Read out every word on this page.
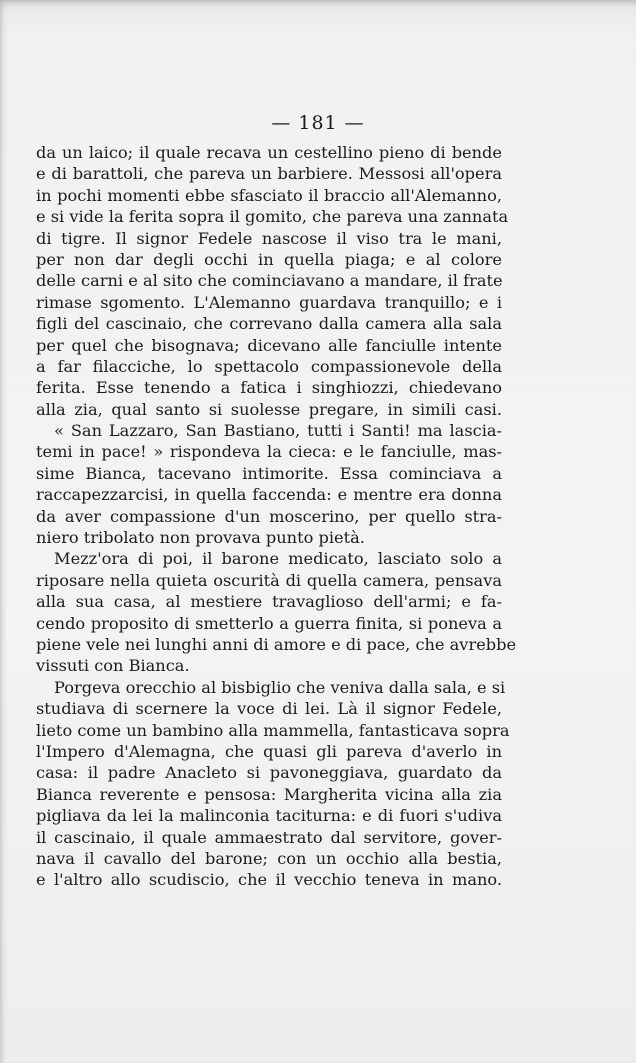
— 181 —
da un laico; il quale recava un cestellino pieno di bende
e di barattoli, che pareva un barbiere. Messosi all'opera
in pochi momenti ebbe sfasciato il braccio all'Alemanno,
e si vide la ferita sopra il gomito, che pareva una zannata
di tigre. Il signor Fedele nascose il viso tra le mani,
per non dar degli occhi in quella piaga; e al colore
delle carni e al sito che cominciavano a mandare, il frate
rimase sgomento. L'Alemanno guardava tranquillo; e i
figli del cascinaio, che correvano dalla camera alla sala
per quel che bisognava; dicevano alle fanciulle intente
a far filacciche, lo spettacolo compassionevole della
ferita. Esse tenendo a fatica i singhiozzi, chiedevano
alla zia, qual santo si suolesse pregare, in simili casi.
« San Lazzaro, San Bastiano, tutti i Santi! ma lascia-
temi in pace! » rispondeva la cieca: e le fanciulle, mas-
sime Bianca, tacevano intimorite. Essa cominciava a
raccapezzarcisi, in quella faccenda: e mentre era donna
da aver compassione d'un moscerino, per quello stra-
niero tribolato non provava punto pietà.
Mezz'ora di poi, il barone medicato, lasciato solo a
riposare nella quieta oscurità di quella camera, pensava
alla sua casa, al mestiere travaglioso dell'armi; e fa-
cendo proposito di smetterlo a guerra finita, si poneva a
piene vele nei lunghi anni di amore e di pace, che avrebbe
vissuti con Bianca.
Porgeva orecchio al bisbiglio che veniva dalla sala, e si
studiava di scernere la voce di lei. Là il signor Fedele,
lieto come un bambino alla mammella, fantasticava sopra
l'Impero d'Alemagna, che quasi gli pareva d'averlo in
casa: il padre Anacleto si pavoneggiava, guardato da
Bianca reverente e pensosa: Margherita vicina alla zia
pigliava da lei la malinconia taciturna: e di fuori s'udiva
il cascinaio, il quale ammaestrato dal servitore, gover-
nava il cavallo del barone; con un occhio alla bestia,
e l'altro allo scudiscio, che il vecchio teneva in mano.
